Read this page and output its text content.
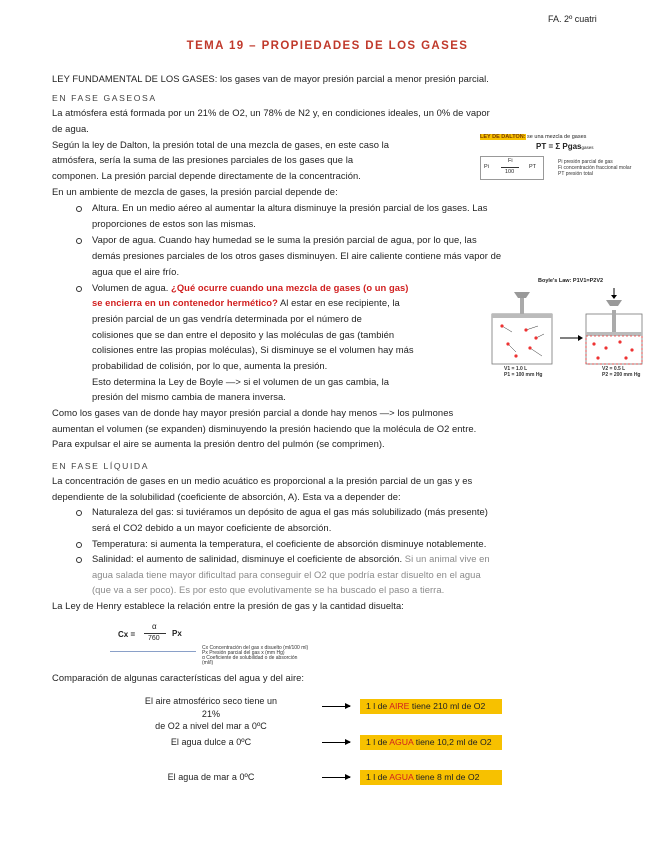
FA. 2º cuatri
TEMA 19 – PROPIEDADES DE LOS GASES
LEY FUNDAMENTAL DE LOS GASES: los gases van de mayor presión parcial a menor presión parcial.
EN FASE GASEOSA
La atmósfera está formada por un 21% de O2, un 78% de N2 y, en condiciones ideales, un 0% de vapor
de agua.
Según la ley de Dalton, la presión total de una mezcla de gases, en este caso la
atmósfera, sería la suma de las presiones parciales de los gases que la
componen. La presión parcial depende directamente de la concentración.
En un ambiente de mezcla de gases, la presión parcial depende de:
LEY DE DALTON: se una mezcla de gases
PT = Σ Pgasgases
Pi
Fi
100
PT
Pi presión parcial de gas
Fi concentración fraccional molar
PT presión total
Altura. En un medio aéreo al aumentar la altura disminuye la presión parcial de los gases. Las
proporciones de estos son las mismas.
Vapor de agua. Cuando hay humedad se le suma la presión parcial de agua, por lo que, las
demás presiones parciales de los otros gases disminuyen. El aire caliente contiene más vapor de
agua que el aire frío.
Volumen de agua. ¿Qué ocurre cuando una mezcla de gases (o un gas)
se encierra en un contenedor hermético? Al estar en ese recipiente, la
presión parcial de un gas vendría determinada por el número de
colisiones que se dan entre el deposito y las moléculas de gas (también
colisiones entre las propias moléculas), Si disminuye se el volumen hay más
probabilidad de colisión, por lo que, aumenta la presión.
Esto determina la Ley de Boyle —> si el volumen de un gas cambia, la
presión del mismo cambia de manera inversa.
Boyle's Law: P1V1=P2V2
V1 = 1.0 L
P1 = 100 mm Hg
V2 = 0.5 L
P2 = 200 mm Hg
Como los gases van de donde hay mayor presión parcial a donde hay menos —> los pulmones
aumentan el volumen (se expanden) disminuyendo la presión haciendo que la molécula de O2 entre.
Para expulsar el aire se aumenta la presión dentro del pulmón (se comprimen).
EN FASE LÍQUIDA
La concentración de gases en un medio acuático es proporcional a la presión parcial de un gas y es
dependiente de la solubilidad (coeficiente de absorción, A). Esta va a depender de:
Naturaleza del gas: si tuviéramos un depósito de agua el gas más solubilizado (más presente)
será el CO2 debido a un mayor coeficiente de absorción.
Temperatura: si aumenta la temperatura, el coeficiente de absorción disminuye notablemente.
Salinidad: el aumento de salinidad, disminuye el coeficiente de absorción. Si un animal vive en
agua salada tiene mayor dificultad para conseguir el O2 que podría estar disuelto en el agua
(que va a ser poco). Es por esto que evolutivamente se ha buscado el paso a tierra.
La Ley de Henry establece la relación entre la presión de gas y la cantidad disuelta:
Cx =
α
760
Px
Cx Concentración del gas x disuelto (ml/100 ml)
Px Presión parcial del gas x (mm Hg)
α Coeficiente de solubilidad o de absorción
(ml/l)
Comparación de algunas características del agua y del aire:
El aire atmosférico seco tiene un 21%
de O2 a nivel del mar a 0ºC
1 l de AIRE tiene 210 ml de O2
El agua dulce a 0ºC	1 l de AGUA tiene 10,2 ml de O2
El agua de mar a 0ºC	1 l de AGUA tiene 8 ml de O2
